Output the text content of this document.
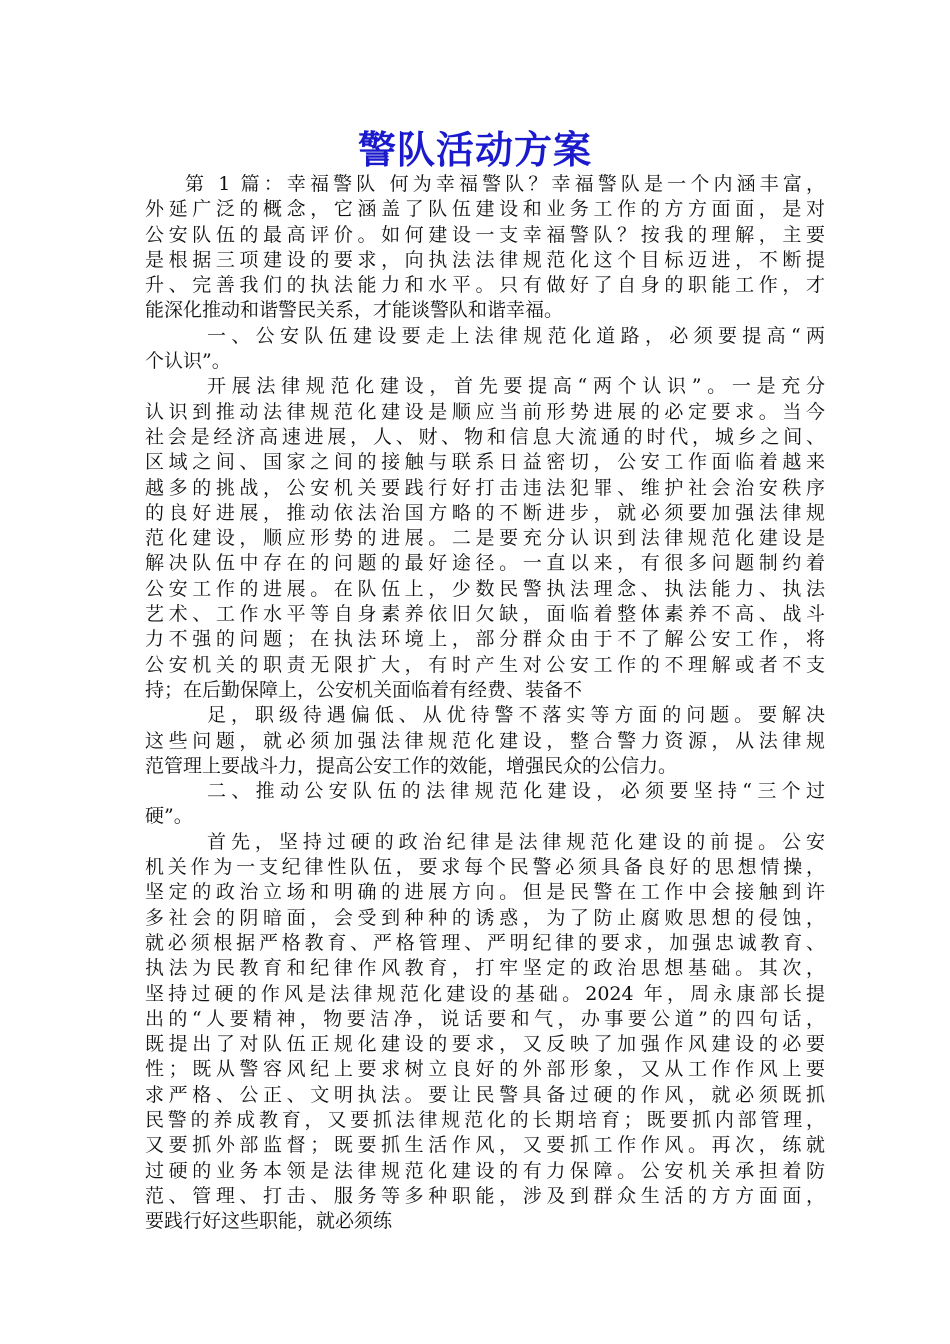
警队活动方案
第 1 篇：幸福警队 何为幸福警队？幸福警队是一个内涵丰富，
外延广泛的概念，它涵盖了队伍建设和业务工作的方方面面，是对
公安队伍的最高评价。如何建设一支幸福警队？按我的理解，主要
是根据三项建设的要求，向执法法律规范化这个目标迈进，不断提
升、完善我们的执法能力和水平。只有做好了自身的职能工作，才
能深化推动和谐警民关系，才能谈警队和谐幸福。
一、公安队伍建设要走上法律规范化道路，必须要提高“两
个认识”。
开展法律规范化建设，首先要提高“两个认识”。一是充分
认识到推动法律规范化建设是顺应当前形势进展的必定要求。当今
社会是经济高速进展，人、财、物和信息大流通的时代，城乡之间、
区域之间、国家之间的接触与联系日益密切，公安工作面临着越来
越多的挑战，公安机关要践行好打击违法犯罪、维护社会治安秩序
的良好进展，推动依法治国方略的不断进步，就必须要加强法律规
范化建设，顺应形势的进展。二是要充分认识到法律规范化建设是
解决队伍中存在的问题的最好途径。一直以来，有很多问题制约着
公安工作的进展。在队伍上，少数民警执法理念、执法能力、执法
艺术、工作水平等自身素养依旧欠缺，面临着整体素养不高、战斗
力不强的问题；在执法环境上，部分群众由于不了解公安工作，将
公安机关的职责无限扩大，有时产生对公安工作的不理解或者不支
持；在后勤保障上，公安机关面临着有经费、装备不
足，职级待遇偏低、从优待警不落实等方面的问题。要解决
这些问题，就必须加强法律规范化建设，整合警力资源，从法律规
范管理上要战斗力，提高公安工作的效能，增强民众的公信力。
二、推动公安队伍的法律规范化建设，必须要坚持“三个过
硬”。
首先，坚持过硬的政治纪律是法律规范化建设的前提。公安
机关作为一支纪律性队伍，要求每个民警必须具备良好的思想情操，
坚定的政治立场和明确的进展方向。但是民警在工作中会接触到许
多社会的阴暗面，会受到种种的诱惑，为了防止腐败思想的侵蚀，
就必须根据严格教育、严格管理、严明纪律的要求，加强忠诚教育、
执法为民教育和纪律作风教育，打牢坚定的政治思想基础。其次，
坚持过硬的作风是法律规范化建设的基础。2024 年，周永康部长提
出的“人要精神，物要洁净，说话要和气，办事要公道”的四句话，
既提出了对队伍正规化建设的要求，又反映了加强作风建设的必要
性；既从警容风纪上要求树立良好的外部形象，又从工作作风上要
求严格、公正、文明执法。要让民警具备过硬的作风，就必须既抓
民警的养成教育，又要抓法律规范化的长期培育；既要抓内部管理，
又要抓外部监督；既要抓生活作风，又要抓工作作风。再次，练就
过硬的业务本领是法律规范化建设的有力保障。公安机关承担着防
范、管理、打击、服务等多种职能，涉及到群众生活的方方面面，
要践行好这些职能，就必须练
